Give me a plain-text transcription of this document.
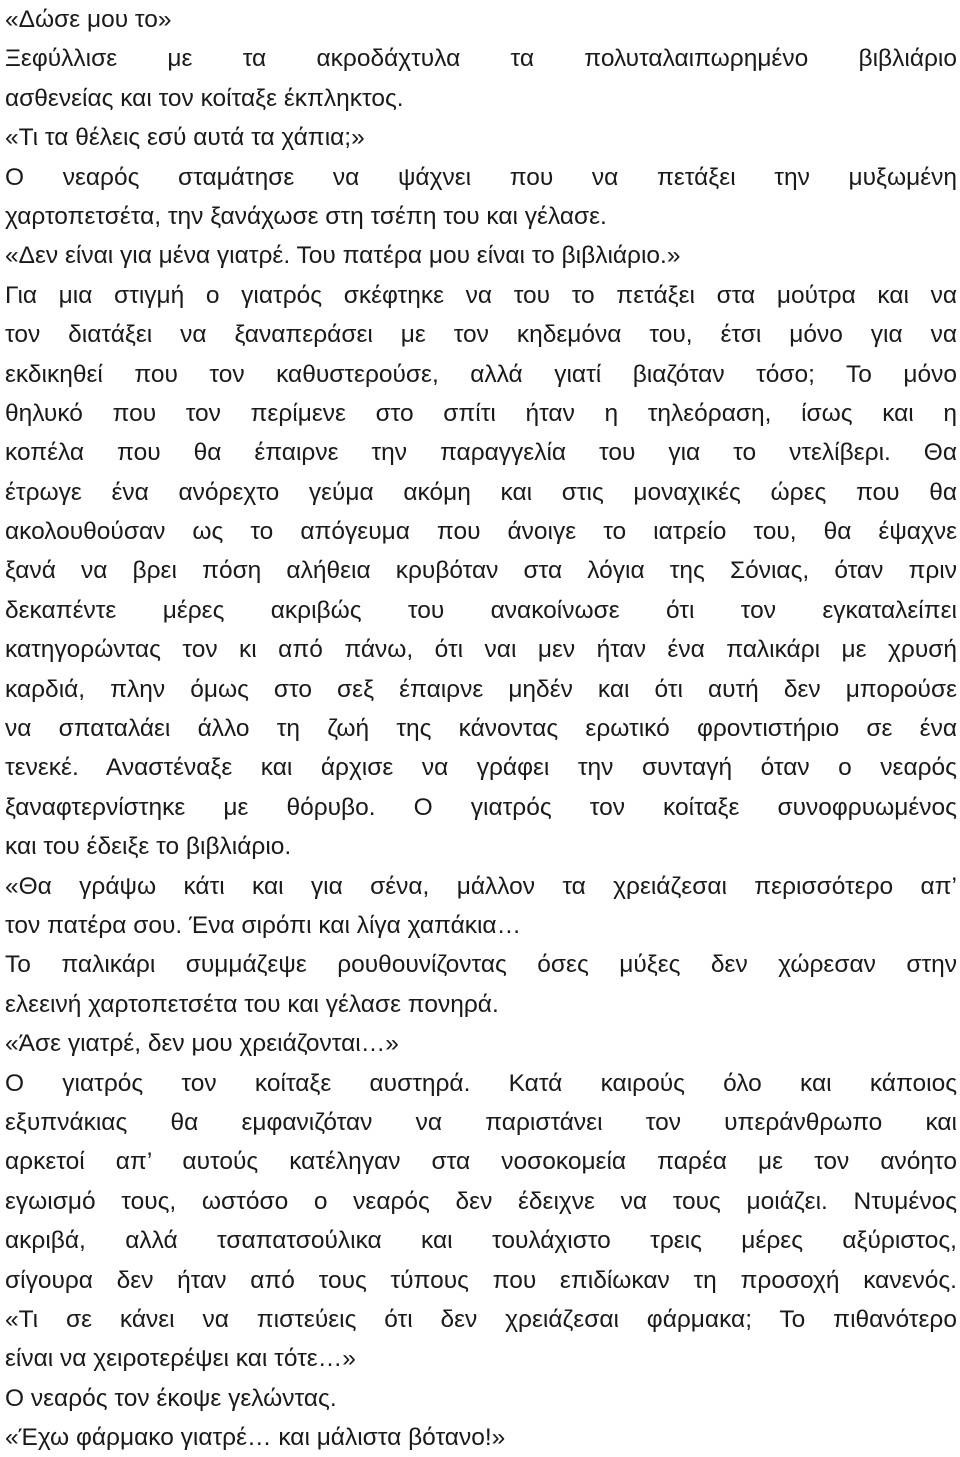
«Δώσε μου το»
Ξεφύλλισε με τα ακροδάχτυλα τα πολυταλαιπωρημένο βιβλιάριο
ασθενείας και τον κοίταξε έκπληκτος.
«Τι τα θέλεις εσύ αυτά τα χάπια;»
Ο νεαρός σταμάτησε να ψάχνει που να πετάξει την μυξωμένη
χαρτοπετσέτα, την ξανάχωσε στη τσέπη του και γέλασε.
«Δεν είναι για μένα γιατρέ. Του πατέρα μου είναι το βιβλιάριο.»
Για μια στιγμή ο γιατρός σκέφτηκε να του το πετάξει στα μούτρα και να
τον διατάξει να ξαναπεράσει με τον κηδεμόνα του, έτσι μόνο για να
εκδικηθεί που τον καθυστερούσε, αλλά γιατί βιαζόταν τόσο; Το μόνο
θηλυκό που τον περίμενε στο σπίτι ήταν η τηλεόραση, ίσως και η
κοπέλα που θα έπαιρνε την παραγγελία του για το ντελίβερι. Θα
έτρωγε ένα ανόρεχτο γεύμα ακόμη και στις μοναχικές ώρες που θα
ακολουθούσαν ως το απόγευμα που άνοιγε το ιατρείο του, θα έψαχνε
ξανά να βρει πόση αλήθεια κρυβόταν στα λόγια της Σόνιας, όταν πριν
δεκαπέντε μέρες ακριβώς του ανακοίνωσε ότι τον εγκαταλείπει
κατηγορώντας τον κι από πάνω, ότι ναι μεν ήταν ένα παλικάρι με χρυσή
καρδιά, πλην όμως στο σεξ έπαιρνε μηδέν και ότι αυτή δεν μπορούσε
να σπαταλάει άλλο τη ζωή της κάνοντας ερωτικό φροντιστήριο σε ένα
τενεκέ. Αναστέναξε και άρχισε να γράφει την συνταγή όταν ο νεαρός
ξαναφτερνίστηκε με θόρυβο. Ο γιατρός τον κοίταξε συνοφρυωμένος
και του έδειξε το βιβλιάριο.
«Θα γράψω κάτι και για σένα, μάλλον τα χρειάζεσαι περισσότερο απ’
τον πατέρα σου. Ένα σιρόπι και λίγα χαπάκια…
Το παλικάρι συμμάζεψε ρουθουνίζοντας όσες μύξες δεν χώρεσαν στην
ελεεινή χαρτοπετσέτα του και γέλασε πονηρά.
«Άσε γιατρέ, δεν μου χρειάζονται…»
Ο γιατρός τον κοίταξε αυστηρά. Κατά καιρούς όλο και κάποιος
εξυπνάκιας θα εμφανιζόταν να παριστάνει τον υπεράνθρωπο και
αρκετοί απ’ αυτούς κατέληγαν στα νοσοκομεία παρέα με τον ανόητο
εγωισμό τους, ωστόσο ο νεαρός δεν έδειχνε να τους μοιάζει. Ντυμένος
ακριβά, αλλά τσαπατσούλικα και τουλάχιστο τρεις μέρες αξύριστος,
σίγουρα δεν ήταν από τους τύπους που επιδίωκαν τη προσοχή κανενός.
«Τι σε κάνει να πιστεύεις ότι δεν χρειάζεσαι φάρμακα; Το πιθανότερο
είναι να χειροτερέψει και τότε…»
Ο νεαρός τον έκοψε γελώντας.
«Έχω φάρμακο γιατρέ… και μάλιστα βότανο!»
